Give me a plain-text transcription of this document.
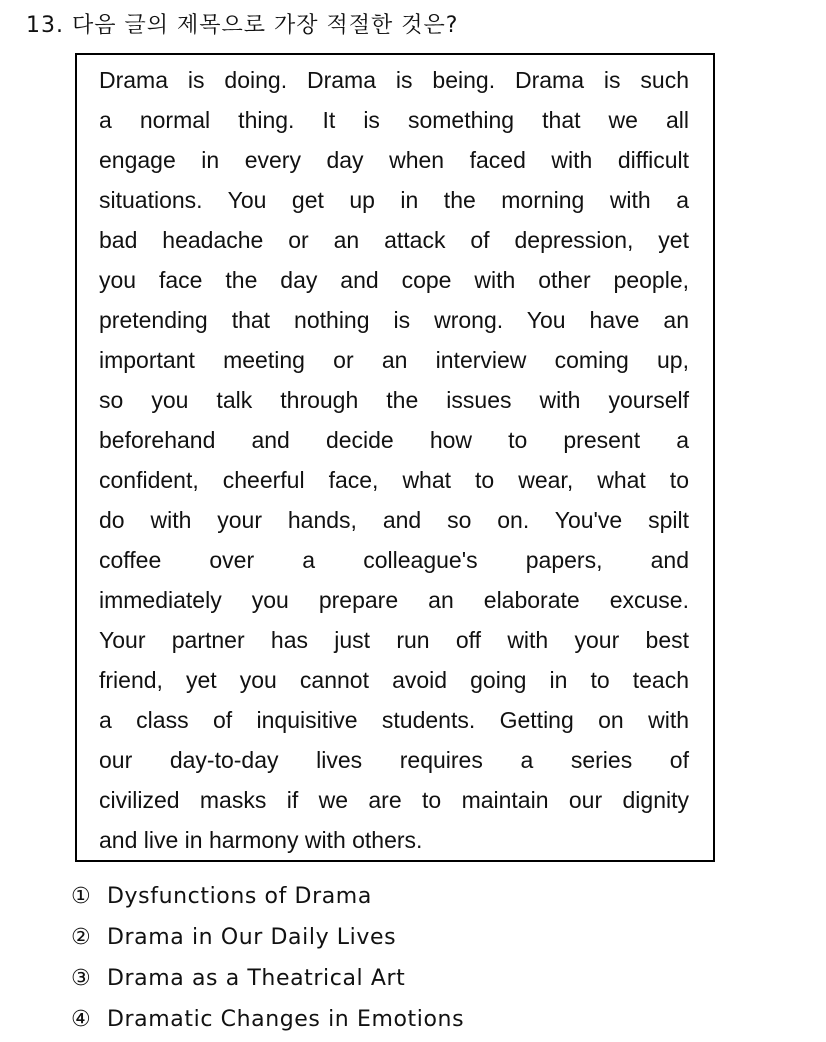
13. 다음 글의 제목으로 가장 적절한 것은?
Drama is doing. Drama is being. Drama is such
a normal thing. It is something that we all
engage in every day when faced with difficult
situations. You get up in the morning with a
bad headache or an attack of depression, yet
you face the day and cope with other people,
pretending that nothing is wrong. You have an
important meeting or an interview coming up,
so you talk through the issues with yourself
beforehand and decide how to present a
confident, cheerful face, what to wear, what to
do with your hands, and so on. You've spilt
coffee over a colleague's papers, and
immediately you prepare an elaborate excuse.
Your partner has just run off with your best
friend, yet you cannot avoid going in to teach
a class of inquisitive students. Getting on with
our day-to-day lives requires a series of
civilized masks if we are to maintain our dignity
and live in harmony with others.
① Dysfunctions of Drama
② Drama in Our Daily Lives
③ Drama as a Theatrical Art
④ Dramatic Changes in Emotions
